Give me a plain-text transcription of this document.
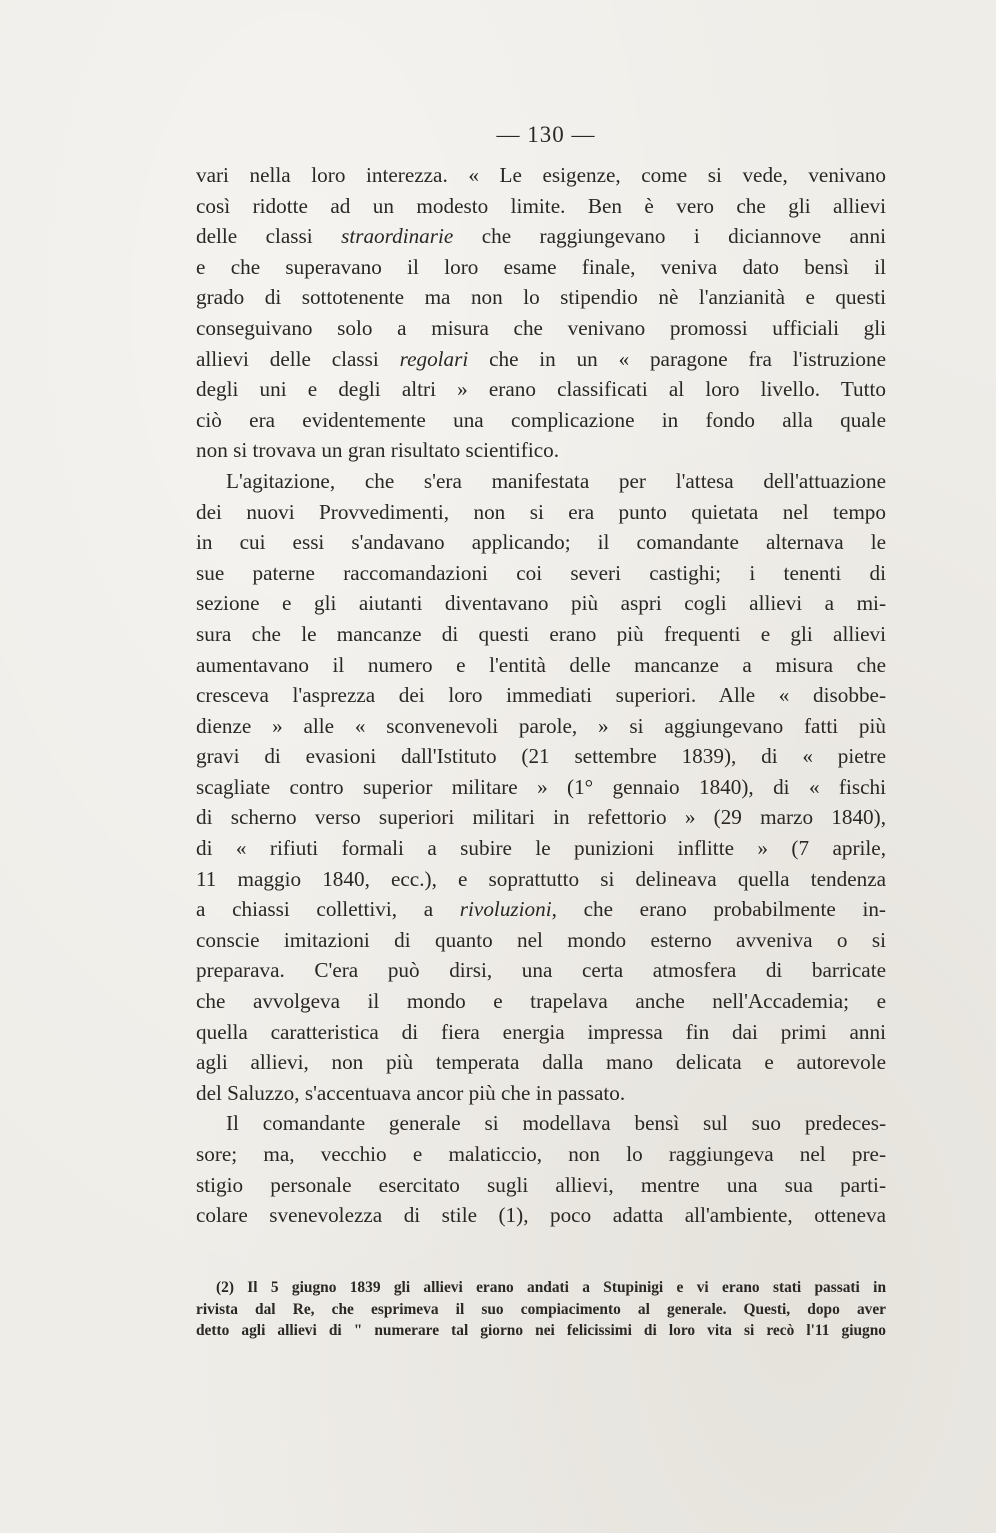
— 130 —
vari nella loro interezza. « Le esigenze, come si vede, venivano
così ridotte ad un modesto limite. Ben è vero che gli allievi
delle classi straordinarie che raggiungevano i diciannove anni
e che superavano il loro esame finale, veniva dato bensì il
grado di sottotenente ma non lo stipendio nè l'anzianità e questi
conseguivano solo a misura che venivano promossi ufficiali gli
allievi delle classi regolari che in un « paragone fra l'istruzione
degli uni e degli altri » erano classificati al loro livello. Tutto
ciò era evidentemente una complicazione in fondo alla quale
non si trovava un gran risultato scientifico.
L'agitazione, che s'era manifestata per l'attesa dell'attuazione
dei nuovi Provvedimenti, non si era punto quietata nel tempo
in cui essi s'andavano applicando; il comandante alternava le
sue paterne raccomandazioni coi severi castighi; i tenenti di
sezione e gli aiutanti diventavano più aspri cogli allievi a mi-
sura che le mancanze di questi erano più frequenti e gli allievi
aumentavano il numero e l'entità delle mancanze a misura che
cresceva l'asprezza dei loro immediati superiori. Alle « disobbe-
dienze » alle « sconvenevoli parole, » si aggiungevano fatti più
gravi di evasioni dall'Istituto (21 settembre 1839), di « pietre
scagliate contro superior militare » (1° gennaio 1840), di « fischi
di scherno verso superiori militari in refettorio » (29 marzo 1840),
di « rifiuti formali a subire le punizioni inflitte » (7 aprile,
11 maggio 1840, ecc.), e soprattutto si delineava quella tendenza
a chiassi collettivi, a rivoluzioni, che erano probabilmente in-
conscie imitazioni di quanto nel mondo esterno avveniva o si
preparava. C'era può dirsi, una certa atmosfera di barricate
che avvolgeva il mondo e trapelava anche nell'Accademia; e
quella caratteristica di fiera energia impressa fin dai primi anni
agli allievi, non più temperata dalla mano delicata e autorevole
del Saluzzo, s'accentuava ancor più che in passato.
Il comandante generale si modellava bensì sul suo predeces-
sore; ma, vecchio e malaticcio, non lo raggiungeva nel pre-
stigio personale esercitato sugli allievi, mentre una sua parti-
colare svenevolezza di stile (1), poco adatta all'ambiente, otteneva
(2) Il 5 giugno 1839 gli allievi erano andati a Stupinigi e vi erano stati passati in
rivista dal Re, che esprimeva il suo compiacimento al generale. Questi, dopo aver
detto agli allievi di " numerare tal giorno nei felicissimi di loro vita si recò l'11 giugno
